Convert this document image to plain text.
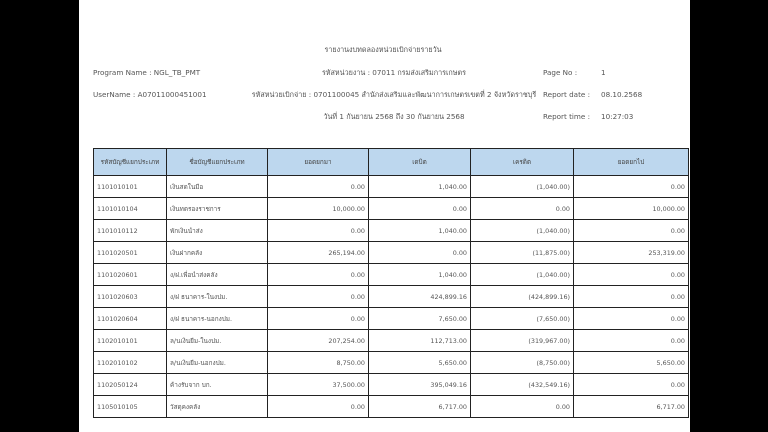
รายงานงบทดลองหน่วยเบิกจ่ายรายวัน
Program Name : NGL_TB_PMT	รหัสหน่วยงาน : 07011 กรมส่งเสริมการเกษตร	Page No :	1
UserName : A07011000451001	รหัสหน่วยเบิกจ่าย : 0701100045 สำนักส่งเสริมและพัฒนาการเกษตรเขตที่ 2 จังหวัดราชบุรี Report date : 08.10.2568
วันที่ 1 กันยายน 2568 ถึง 30 กันยายน 2568	Report time : 10:27:03
รหัสบัญชีแยกประเภท	ชื่อบัญชีแยกประเภท	ยอดยกมา	เดบิต	เครดิต	ยอดยกไป
1101010101	เงินสดในมือ	0.00	1,040.00	(1,040.00)	0.00
1101010104	เงินทดรองราชการ	10,000.00	0.00	0.00	10,000.00
1101010112	พักเงินนำส่ง	0.00	1,040.00	(1,040.00)	0.00
1101020501	เงินฝากคลัง	265,194.00	0.00	(11,875.00)	253,319.00
1101020601	ง/ฝ.เพื่อนำส่งคลัง	0.00	1,040.00	(1,040.00)	0.00
1101020603	ง/ฝ ธนาคาร-ในงปม.	0.00	424,899.16	(424,899.16)	0.00
1101020604	ง/ฝ ธนาคาร-นอกงปม.	0.00	7,650.00	(7,650.00)	0.00
1102010101	ล/นเงินยืม-ในงปม.	207,254.00	112,713.00	(319,967.00)	0.00
1102010102	ล/นเงินยืม-นอกงปม.	8,750.00	5,650.00	(8,750.00)	5,650.00
1102050124	ค้างรับจาก บก.	37,500.00	395,049.16	(432,549.16)	0.00
1105010105	วัสดุคงคลัง	0.00	6,717.00	0.00	6,717.00
